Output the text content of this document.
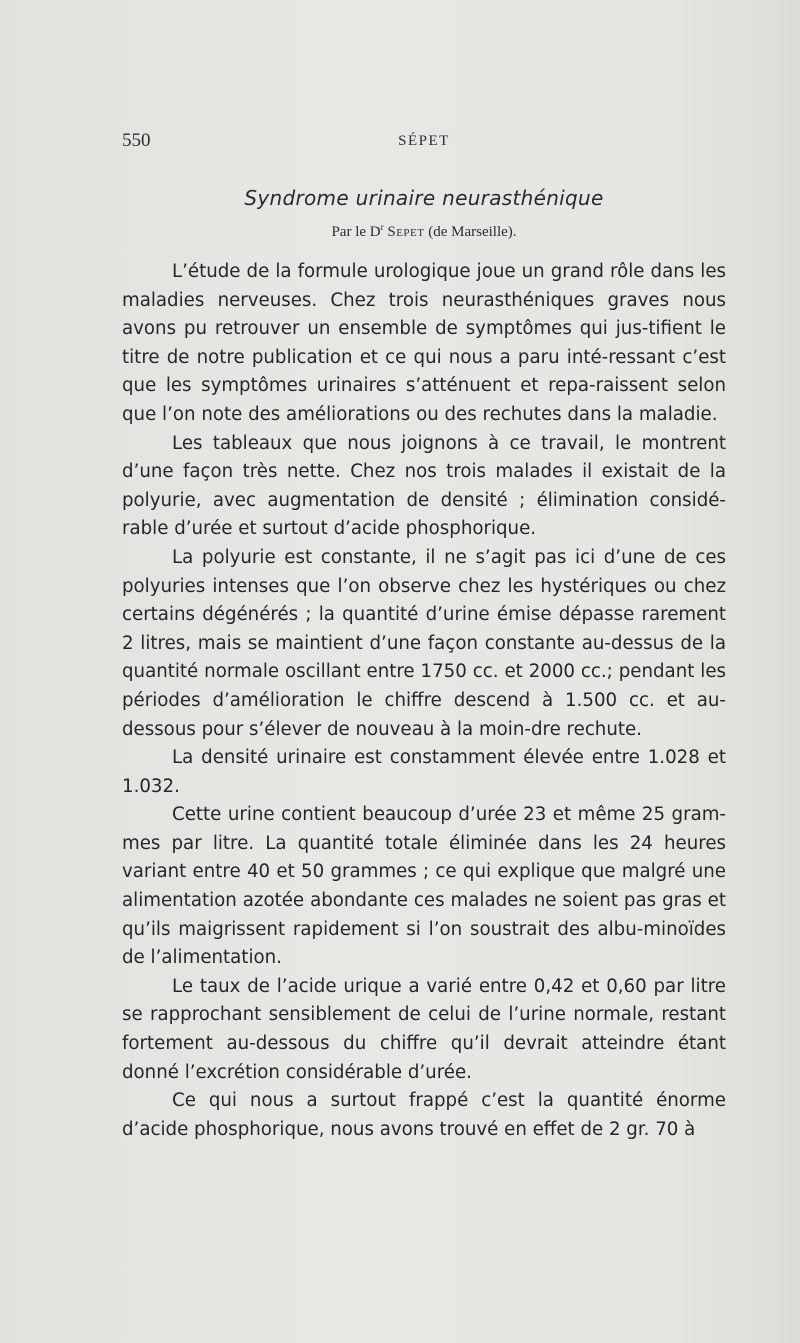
550	SÉPET
Syndrome urinaire neurasthénique
Par le $D^r$ Sepet (de Marseille).

L’étude de la formule urologique joue un grand rôle dans les maladies nerveuses. Chez trois neurasthéniques graves nous avons pu retrouver un ensemble de symptômes qui jus-tifient le titre de notre publication et ce qui nous a paru inté-ressant c’est que les symptômes urinaires s’atténuent et repa-raissent selon que l’on note des améliorations ou des rechutes dans la maladie.

Les tableaux que nous joignons à ce travail, le montrent d’une façon très nette. Chez nos trois malades il existait de la polyurie, avec augmentation de densité ; élimination considé-rable d’urée et surtout d’acide phosphorique.

La polyurie est constante, il ne s’agit pas ici d’une de ces polyuries intenses que l’on observe chez les hystériques ou chez certains dégénérés ; la quantité d’urine émise dépasse rarement 2 litres, mais se maintient d’une façon constante au-dessus de la quantité normale oscillant entre 1750 cc. et 2000 cc.; pendant les périodes d’amélioration le chiffre descend à 1.500 cc. et au-dessous pour s’élever de nouveau à la moin-dre rechute.

La densité urinaire est constamment élevée entre 1.028 et 1.032.

Cette urine contient beaucoup d’urée 23 et même 25 gram-mes par litre. La quantité totale éliminée dans les 24 heures variant entre 40 et 50 grammes ; ce qui explique que malgré une alimentation azotée abondante ces malades ne soient pas gras et qu’ils maigrissent rapidement si l’on soustrait des albu-minoïdes de l’alimentation.

Le taux de l’acide urique a varié entre 0,42 et 0,60 par litre se rapprochant sensiblement de celui de l’urine normale, restant fortement au-dessous du chiffre qu’il devrait atteindre étant donné l’excrétion considérable d’urée.

Ce qui nous a surtout frappé c’est la quantité énorme d’acide phosphorique, nous avons trouvé en effet de 2 gr. 70 à
